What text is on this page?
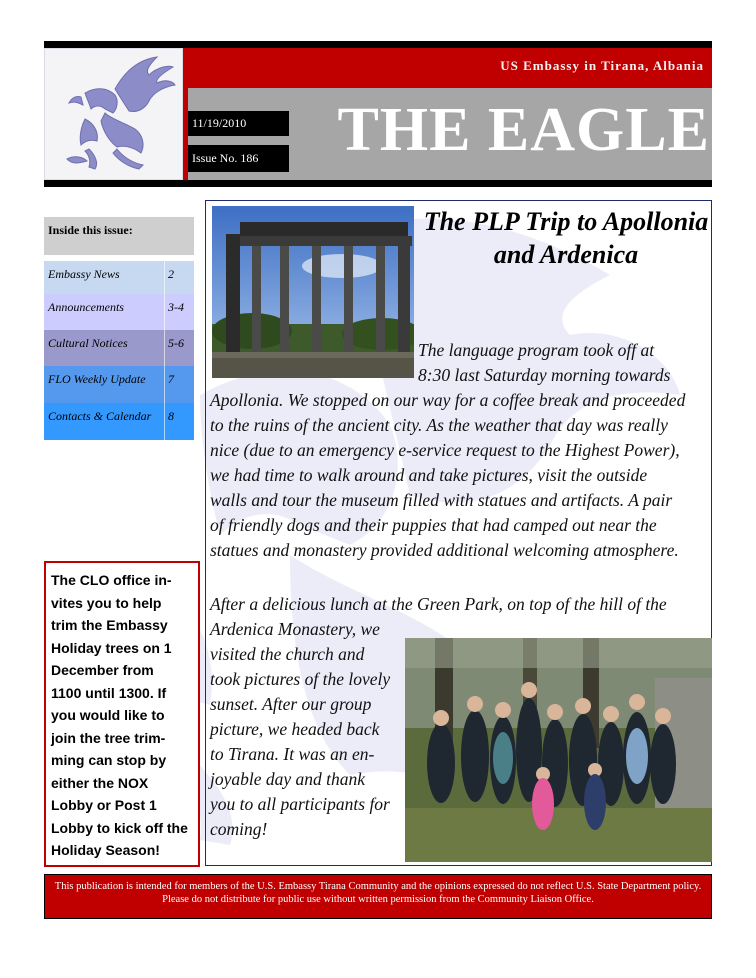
US Embassy in Tirana, Albania
11/19/2010
Issue No. 186	THE EAGLE
Inside this issue:
Embassy News	2
Announcements	3-4
Cultural Notices	5-6
FLO Weekly Update	7
Contacts & Calendar	8
The CLO office in-
vites you to help
trim the Embassy
Holiday trees on 1
December from
1100 until 1300. If
you would like to
join the tree trim-
ming can stop by
either the NOX
Lobby or Post 1
Lobby to kick off the
Holiday Season!
The PLP Trip to Apollonia and Ardenica
The language program took off at
8:30 last Saturday morning towards
Apollonia. We stopped on our way for a coffee break and proceeded
to the ruins of the ancient city. As the weather that day was really
nice (due to an emergency e-service request to the Highest Power),
we had time to walk around and take pictures, visit the outside
walls and tour the museum filled with statues and artifacts. A pair
of friendly dogs and their puppies that had camped out near the
statues and monastery provided additional welcoming atmosphere.
After a delicious lunch at the Green Park, on top of the hill of the
Ardenica Monastery, we
visited the church and
took pictures of the lovely
sunset. After our group
picture, we headed back
to Tirana. It was an en-
joyable day and thank
you to all participants for
coming!
This publication is intended for members of the U.S. Embassy Tirana Community and the opinions expressed do not reflect U.S. State Department policy. Please do not distribute for public use without written permission from the Community Liaison Office.
